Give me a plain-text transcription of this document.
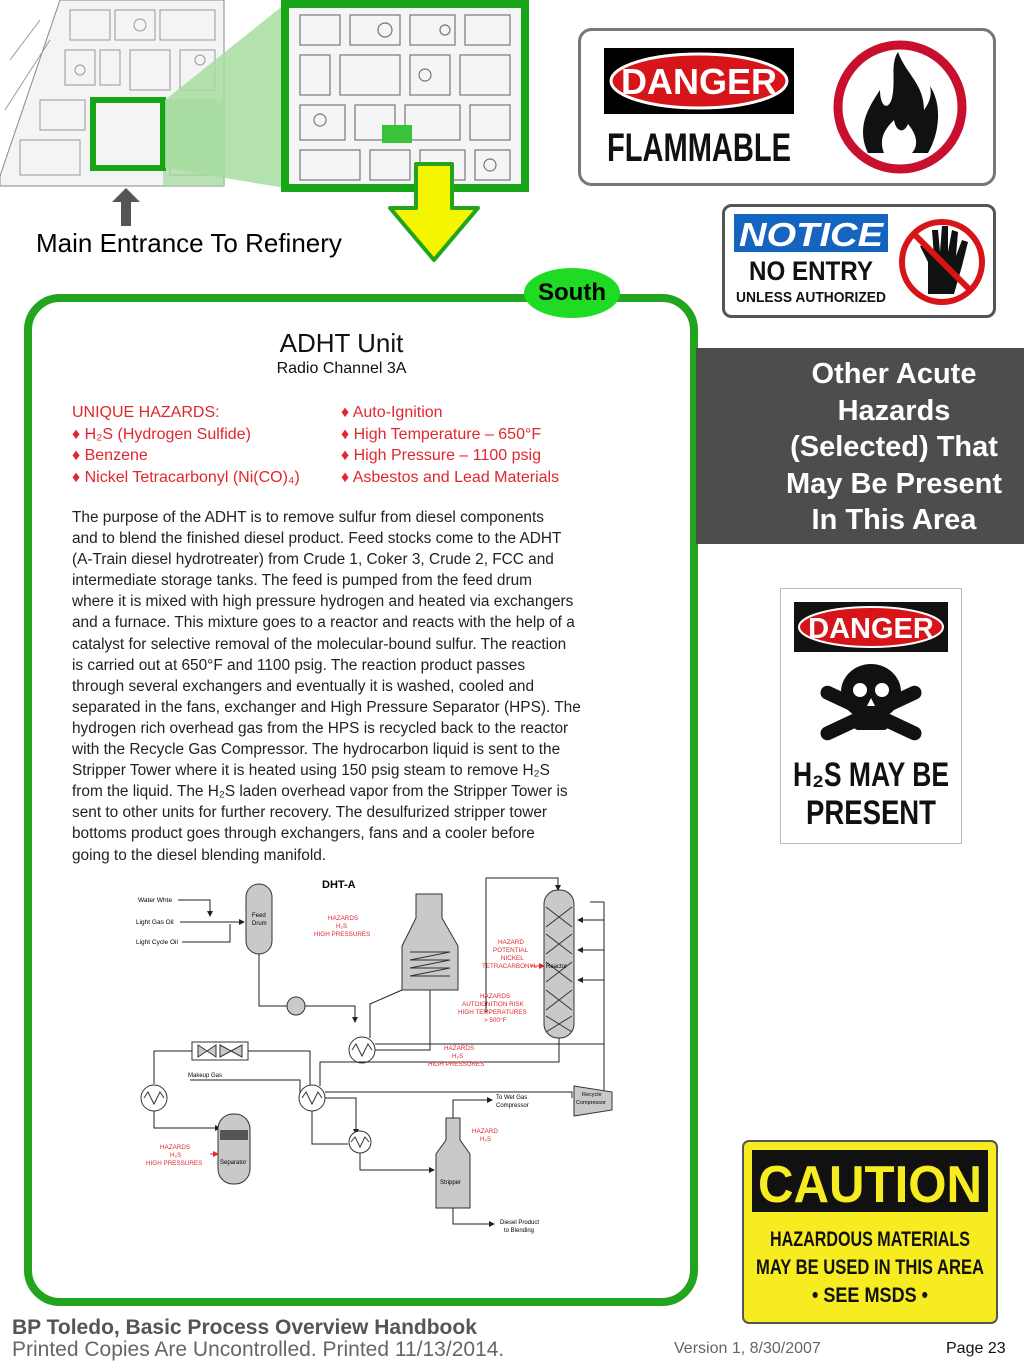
Main Entrance To Refinery
South
ADHT Unit
Radio Channel 3A
UNIQUE HAZARDS:
♦ H₂S (Hydrogen Sulfide)
♦ Benzene
♦ Nickel Tetracarbonyl (Ni(CO)₄)
♦ Auto-Ignition
♦ High Temperature – 650°F
♦ High Pressure – 1100 psig
♦ Asbestos and Lead Materials
The purpose of the ADHT is to remove sulfur from diesel components
and to blend the finished diesel product. Feed stocks come to the ADHT
(A-Train diesel hydrotreater) from Crude 1, Coker 3, Crude 2, FCC and
intermediate storage tanks. The feed is pumped from the feed drum
where it is mixed with high pressure hydrogen and heated via exchangers
and a furnace. This mixture goes to a reactor and reacts with the help of a
catalyst for selective removal of the molecular-bound sulfur. The reaction
is carried out at 650°F and 1100 psig. The reaction product passes
through several exchangers and eventually it is washed, cooled and
separated in the fans, exchanger and High Pressure Separator (HPS). The
hydrogen rich overhead gas from the HPS is recycled back to the reactor
with the Recycle Gas Compressor. The hydrocarbon liquid is sent to the
Stripper Tower where it is heated using 150 psig steam to remove H₂S
from the liquid. The H₂S laden overhead vapor from the Stripper Tower is
sent to other units for further recovery. The desulfurized stripper tower
bottoms product goes through exchangers, fans and a cooler before
going to the diesel blending manifold.
DHT-A
Water Whte
Light Gas Oil
Light Cycle Oil
Feed
Drum
HAZARDS
H₂S
HIGH PRESSURES
Reactor
HAZARD
POTENTIAL
NICKEL
TETRACARBONYL
HAZARDS
AUTOIGNITION RISK
HIGH TEMPERATURES
> 500°F
HAZARDS
H₂S
HIGH PRESSURES
Makeup Gas
Separator
HAZARDS
H₂S
HIGH PRESSURES
Recycle
Compressor
Stripper
To Wet Gas
Compressor
HAZARD
H₂S
Diesel Product
to Blending
DANGER
FLAMMABLE
NOTICE
NO ENTRY
UNLESS AUTHORIZED
Other Acute
Hazards
(Selected) That
May Be Present
In This Area
DANGER
H₂S MAY BE
PRESENT
CAUTION
HAZARDOUS MATERIALS
MAY BE USED IN THIS AREA
• SEE MSDS •
BP Toledo, Basic Process Overview Handbook
Printed Copies Are Uncontrolled. Printed 11/13/2014.	Version 1, 8/30/2007	Page 23
